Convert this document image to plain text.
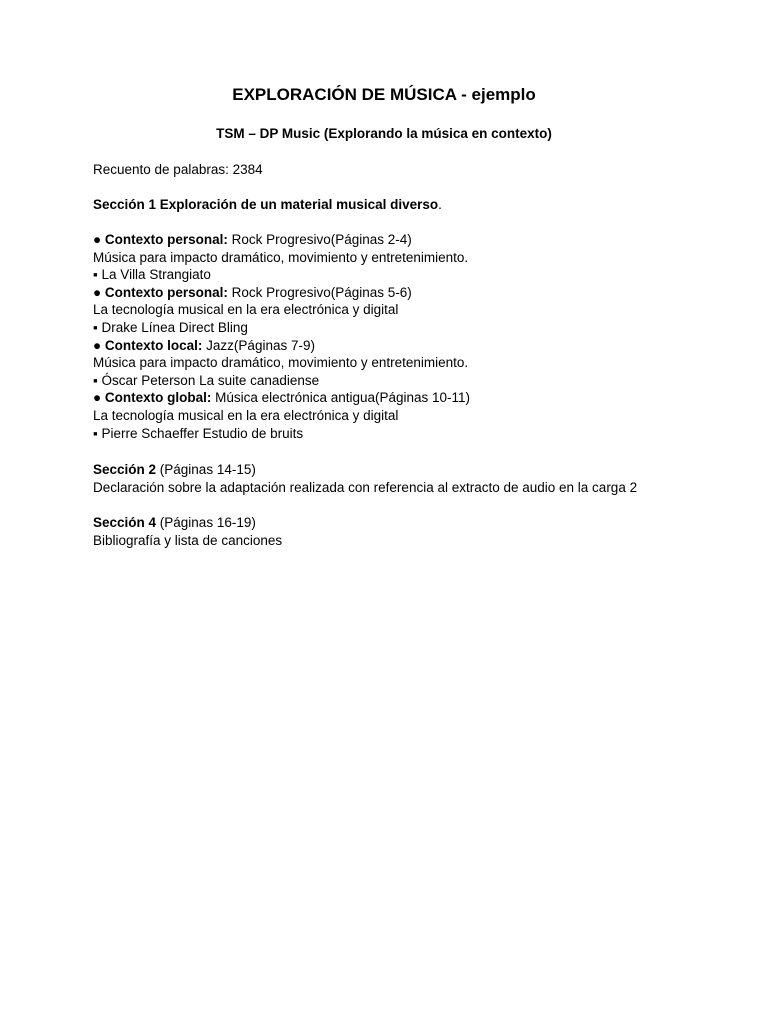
EXPLORACIÓN DE MÚSICA - ejemplo
TSM – DP Music (Explorando la música en contexto)
Recuento de palabras: 2384
Sección 1 Exploración de un material musical diverso.
● Contexto personal: Rock Progresivo(Páginas 2-4)
Música para impacto dramático, movimiento y entretenimiento.
▪ La Villa Strangiato
● Contexto personal: Rock Progresivo(Páginas 5-6)
La tecnología musical en la era electrónica y digital
▪ Drake Línea Direct Bling
● Contexto local: Jazz(Páginas 7-9)
Música para impacto dramático, movimiento y entretenimiento.
▪ Óscar Peterson La suite canadiense
● Contexto global: Música electrónica antigua(Páginas 10-11)
La tecnología musical en la era electrónica y digital
▪ Pierre Schaeffer Estudio de bruits
Sección 2 (Páginas 14-15)
Declaración sobre la adaptación realizada con referencia al extracto de audio en la carga 2
Sección 4 (Páginas 16-19)
Bibliografía y lista de canciones
